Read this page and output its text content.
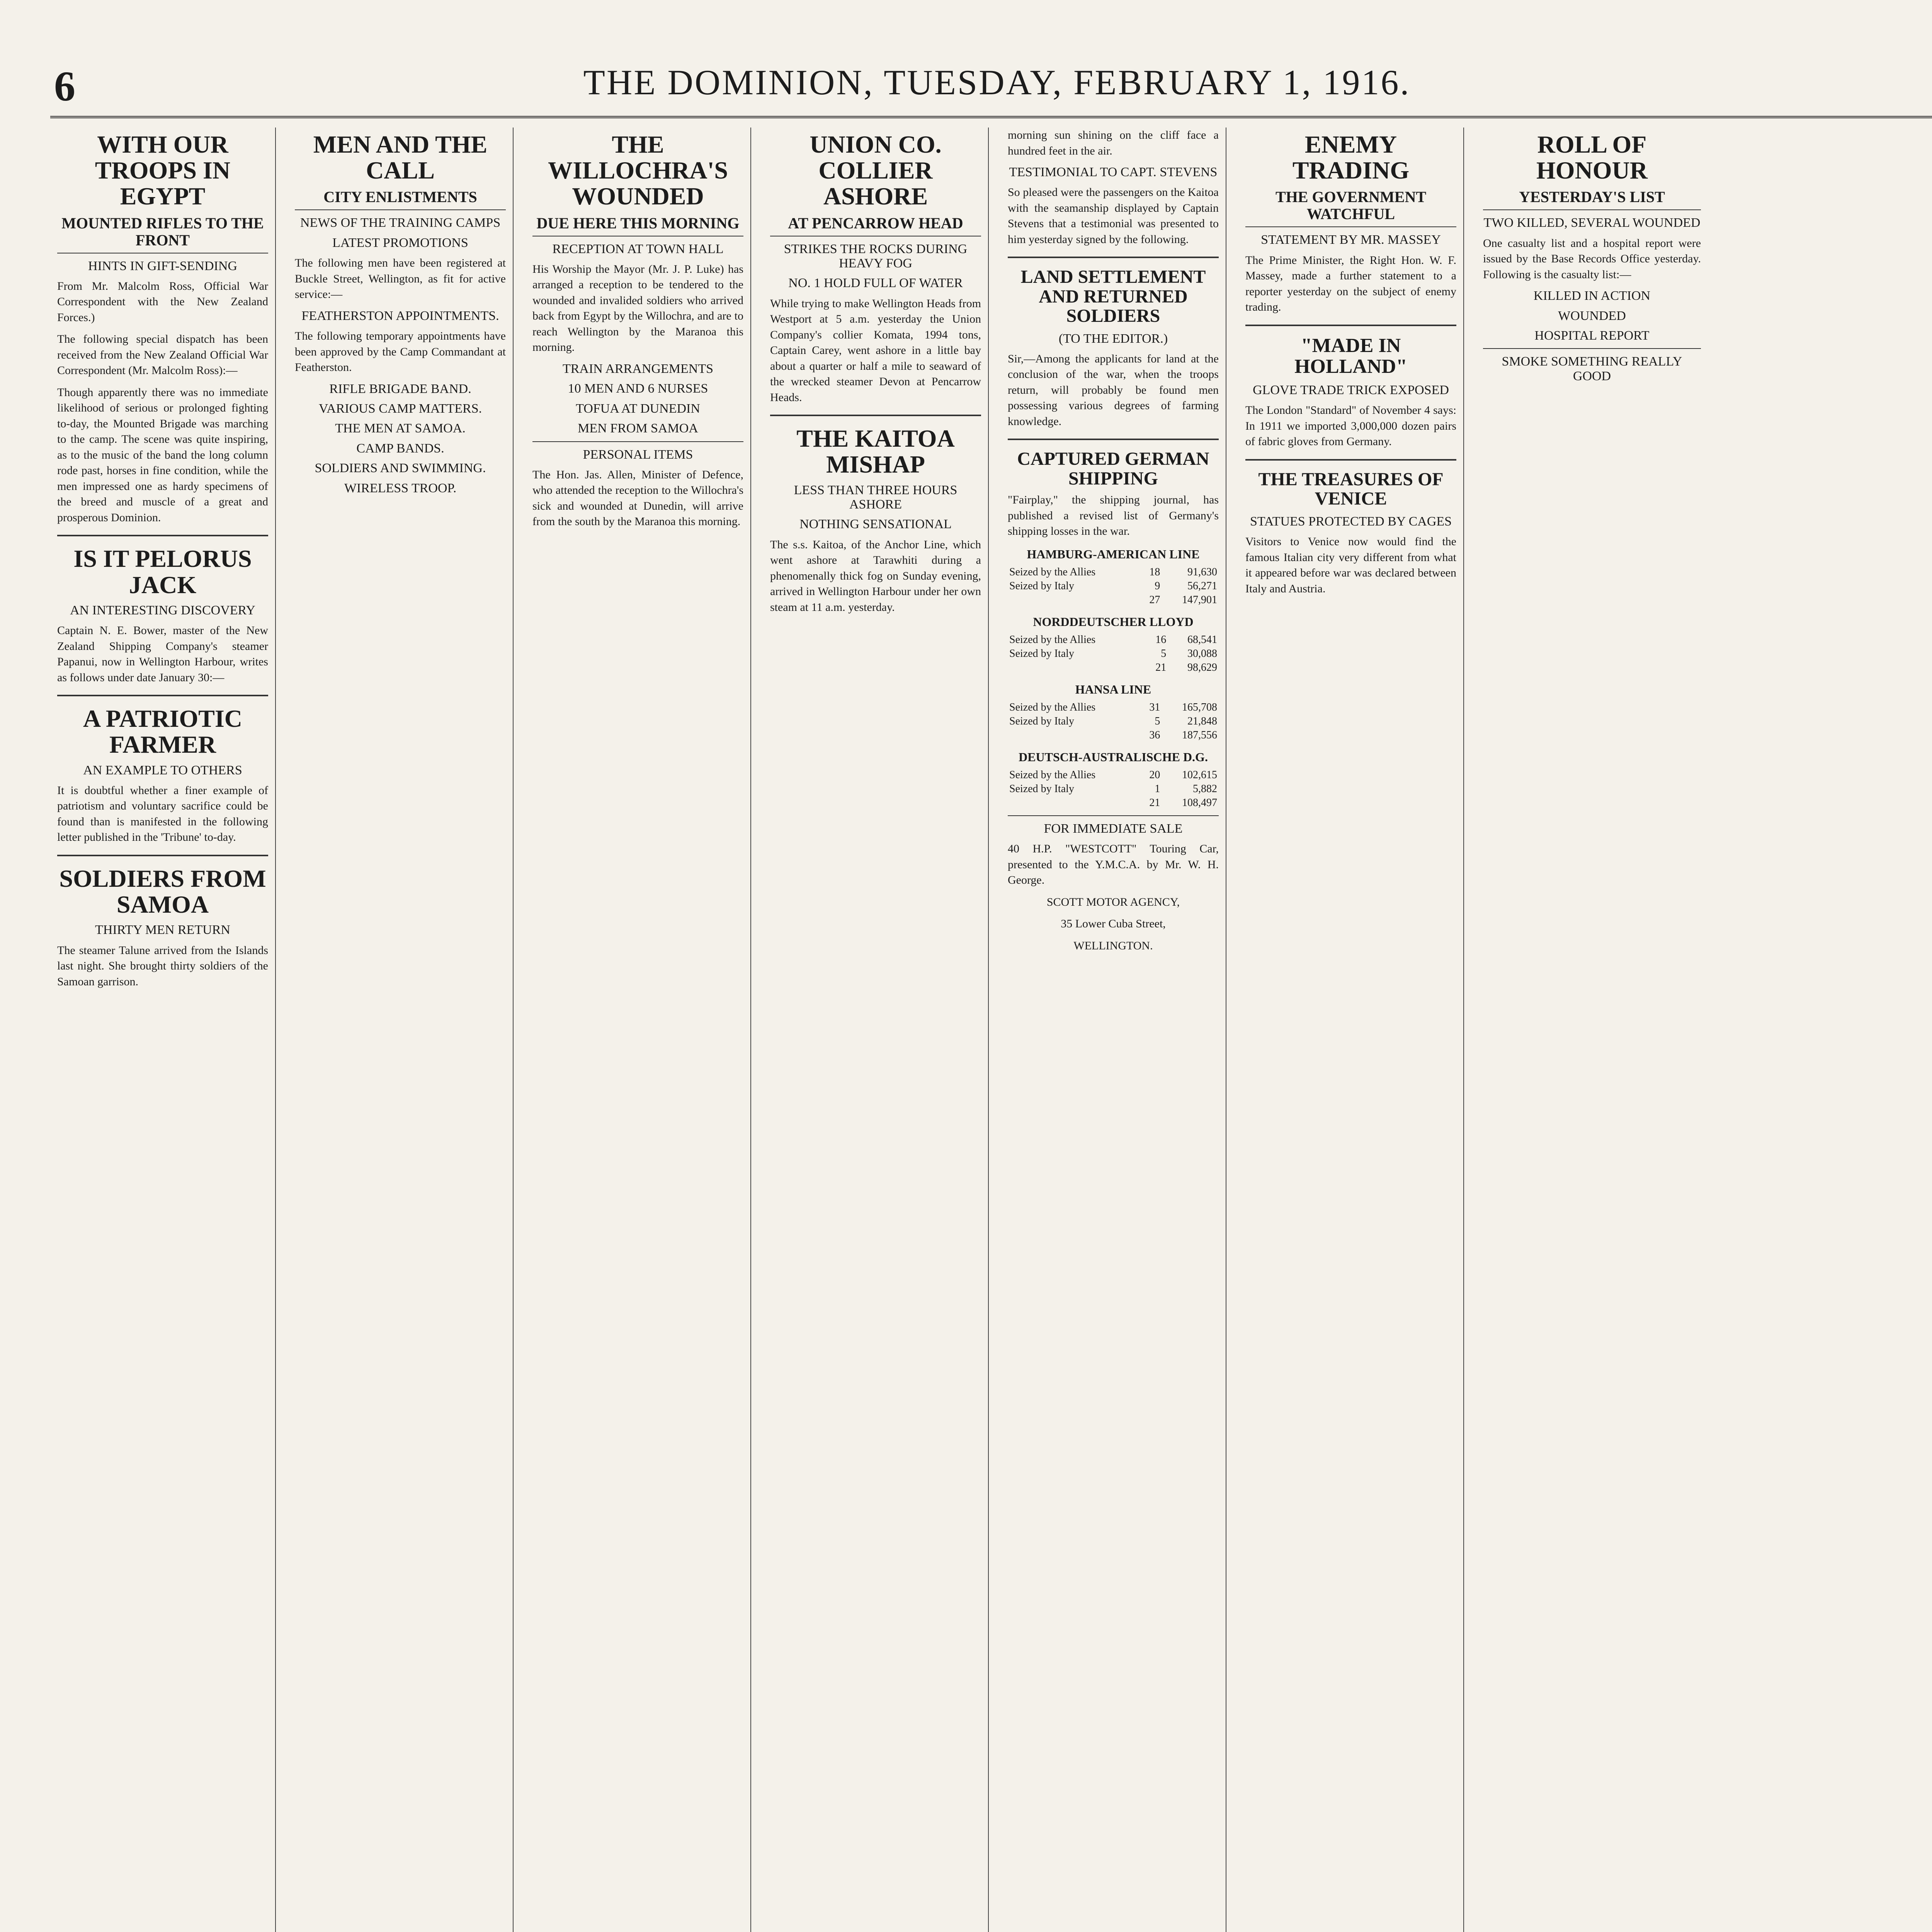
6	THE DOMINION, TUESDAY, FEBRUARY 1, 1916.
WITH OUR TROOPS IN EGYPT
MOUNTED RIFLES TO THE FRONT
HINTS IN GIFT-SENDING

From Mr. Malcolm Ross, Official War Correspondent with the New Zealand Forces.)

The following special dispatch has been received from the New Zealand Official War Correspondent (Mr. Malcolm Ross):—

Though apparently there was no immediate likelihood of serious or prolonged fighting to-day, the Mounted Brigade was marching to the camp. The scene was quite inspiring, as to the music of the band the long column rode past, horses in fine condition, while the men impressed one as hardy specimens of the breed and muscle of a great and prosperous Dominion.

IS IT PELORUS JACK
AN INTERESTING DISCOVERY

Captain N. E. Bower, master of the New Zealand Shipping Company's steamer Papanui, now in Wellington Harbour, writes as follows under date January 30:—

A PATRIOTIC FARMER
AN EXAMPLE TO OTHERS

It is doubtful whether a finer example of patriotism and voluntary sacrifice could be found than is manifested in the following letter published in the 'Tribune' to-day.

SOLDIERS FROM SAMOA
THIRTY MEN RETURN

The steamer Talune arrived from the Islands last night. She brought thirty soldiers of the Samoan garrison.

MEN AND THE CALL
CITY ENLISTMENTS
NEWS OF THE TRAINING CAMPS
LATEST PROMOTIONS

The following men have been registered at Buckle Street, Wellington, as fit for active service:—

FEATHERSTON APPOINTMENTS.

The following temporary appointments have been approved by the Camp Commandant at Featherston.

RIFLE BRIGADE BAND.
VARIOUS CAMP MATTERS.
THE MEN AT SAMOA.
CAMP BANDS.
SOLDIERS AND SWIMMING.
WIRELESS TROOP.
THE WILLOCHRA'S WOUNDED
DUE HERE THIS MORNING
RECEPTION AT TOWN HALL

His Worship the Mayor (Mr. J. P. Luke) has arranged a reception to be tendered to the wounded and invalided soldiers who arrived back from Egypt by the Willochra, and are to reach Wellington by the Maranoa this morning.

TRAIN ARRANGEMENTS
10 MEN AND 6 NURSES
TOFUA AT DUNEDIN
MEN FROM SAMOA
PERSONAL ITEMS

The Hon. Jas. Allen, Minister of Defence, who attended the reception to the Willochra's sick and wounded at Dunedin, will arrive from the south by the Maranoa this morning.

UNION CO. COLLIER ASHORE
AT PENCARROW HEAD
STRIKES THE ROCKS DURING HEAVY FOG
NO. 1 HOLD FULL OF WATER

While trying to make Wellington Heads from Westport at 5 a.m. yesterday the Union Company's collier Komata, 1994 tons, Captain Carey, went ashore in a little bay about a quarter or half a mile to seaward of the wrecked steamer Devon at Pencarrow Heads.

THE KAITOA MISHAP
LESS THAN THREE HOURS ASHORE
NOTHING SENSATIONAL

The s.s. Kaitoa, of the Anchor Line, which went ashore at Tarawhiti during a phenomenally thick fog on Sunday evening, arrived in Wellington Harbour under her own steam at 11 a.m. yesterday.

morning sun shining on the cliff face a hundred feet in the air.

TESTIMONIAL TO CAPT. STEVENS

So pleased were the passengers on the Kaitoa with the seamanship displayed by Captain Stevens that a testimonial was presented to him yesterday signed by the following.

LAND SETTLEMENT AND RETURNED SOLDIERS
(TO THE EDITOR.)

Sir,—Among the applicants for land at the conclusion of the war, when the troops return, will probably be found men possessing various degrees of farming knowledge.

CAPTURED GERMAN SHIPPING

"Fairplay," the shipping journal, has published a revised list of Germany's shipping losses in the war.

HAMBURG-AMERICAN LINE
Seized by the Allies	18	91,630
Seized by Italy	9	56,271
	27	147,901
NORDDEUTSCHER LLOYD
Seized by the Allies	16	68,541
Seized by Italy	5	30,088
	21	98,629
HANSA LINE
Seized by the Allies	31	165,708
Seized by Italy	5	21,848
	36	187,556
DEUTSCH-AUSTRALISCHE D.G.
Seized by the Allies	20	102,615
Seized by Italy	1	5,882
	21	108,497
FOR IMMEDIATE SALE

40 H.P. "WESTCOTT" Touring Car, presented to the Y.M.C.A. by Mr. W. H. George.

SCOTT MOTOR AGENCY,

35 Lower Cuba Street,

WELLINGTON.

ENEMY TRADING
THE GOVERNMENT WATCHFUL
STATEMENT BY MR. MASSEY

The Prime Minister, the Right Hon. W. F. Massey, made a further statement to a reporter yesterday on the subject of enemy trading.

"MADE IN HOLLAND"
GLOVE TRADE TRICK EXPOSED

The London "Standard" of November 4 says: In 1911 we imported 3,000,000 dozen pairs of fabric gloves from Germany.

THE TREASURES OF VENICE
STATUES PROTECTED BY CAGES

Visitors to Venice now would find the famous Italian city very different from what it appeared before war was declared between Italy and Austria.

ROLL OF HONOUR
YESTERDAY'S LIST
TWO KILLED, SEVERAL WOUNDED

One casualty list and a hospital report were issued by the Base Records Office yesterday. Following is the casualty list:—

KILLED IN ACTION
WOUNDED
HOSPITAL REPORT
SMOKE SOMETHING REALLY GOOD
